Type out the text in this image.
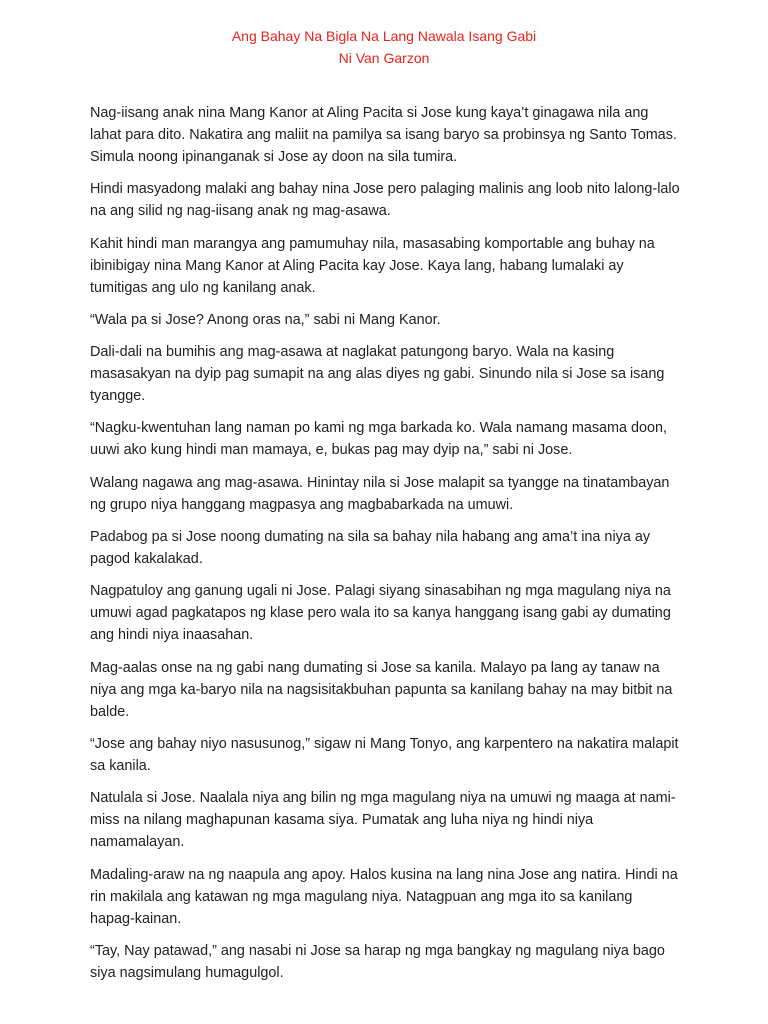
Ang Bahay Na Bigla Na Lang Nawala Isang Gabi
Ni Van Garzon

Nag-iisang anak nina Mang Kanor at Aling Pacita si Jose kung kaya’t ginagawa nila ang lahat para dito. Nakatira ang maliit na pamilya sa isang baryo sa probinsya ng Santo Tomas. Simula noong ipinanganak si Jose ay doon na sila tumira.

Hindi masyadong malaki ang bahay nina Jose pero palaging malinis ang loob nito lalong-lalo na ang silid ng nag-iisang anak ng mag-asawa.

Kahit hindi man marangya ang pamumuhay nila, masasabing komportable ang buhay na ibinibigay nina Mang Kanor at Aling Pacita kay Jose. Kaya lang, habang lumalaki ay tumitigas ang ulo ng kanilang anak.

“Wala pa si Jose? Anong oras na,” sabi ni Mang Kanor.

Dali-dali na bumihis ang mag-asawa at naglakat patungong baryo. Wala na kasing masasakyan na dyip pag sumapit na ang alas diyes ng gabi. Sinundo nila si Jose sa isang tyangge.

“Nagku-kwentuhan lang naman po kami ng mga barkada ko. Wala namang masama doon, uuwi ako kung hindi man mamaya, e, bukas pag may dyip na,” sabi ni Jose.

Walang nagawa ang mag-asawa. Hinintay nila si Jose malapit sa tyangge na tinatambayan ng grupo niya hanggang magpasya ang magbabarkada na umuwi.

Padabog pa si Jose noong dumating na sila sa bahay nila habang ang ama’t ina niya ay pagod kakalakad.

Nagpatuloy ang ganung ugali ni Jose. Palagi siyang sinasabihan ng mga magulang niya na umuwi agad pagkatapos ng klase pero wala ito sa kanya hanggang isang gabi ay dumating ang hindi niya inaasahan.

Mag-aalas onse na ng gabi nang dumating si Jose sa kanila. Malayo pa lang ay tanaw na niya ang mga ka-baryo nila na nagsisitakbuhan papunta sa kanilang bahay na may bitbit na balde.

“Jose ang bahay niyo nasusunog,” sigaw ni Mang Tonyo, ang karpentero na nakatira malapit sa kanila.

Natulala si Jose. Naalala niya ang bilin ng mga magulang niya na umuwi ng maaga at nami-miss na nilang maghapunan kasama siya. Pumatak ang luha niya ng hindi niya namamalayan.

Madaling-araw na ng naapula ang apoy. Halos kusina na lang nina Jose ang natira. Hindi na rin makilala ang katawan ng mga magulang niya. Natagpuan ang mga ito sa kanilang hapag-kainan.

“Tay, Nay patawad,” ang nasabi ni Jose sa harap ng mga bangkay ng magulang niya bago siya nagsimulang humagulgol.
